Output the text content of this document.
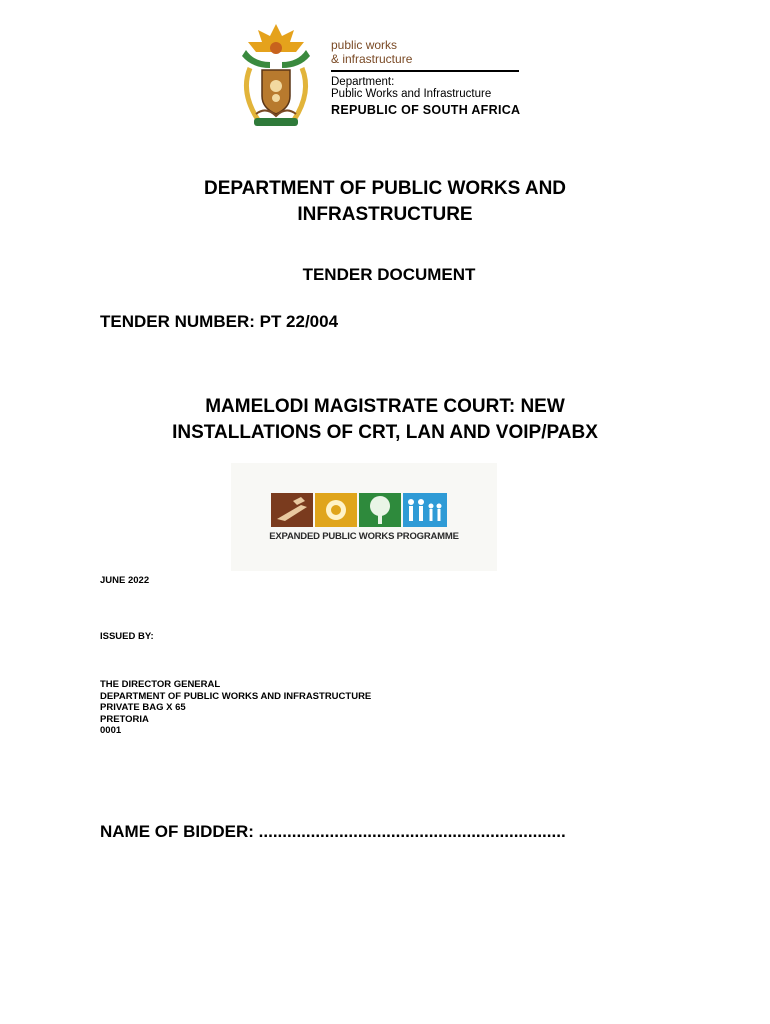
public works
& infrastructure
Department:
Public Works and Infrastructure
REPUBLIC OF SOUTH AFRICA
DEPARTMENT OF PUBLIC WORKS AND
INFRASTRUCTURE
TENDER DOCUMENT
TENDER NUMBER: PT 22/004
MAMELODI MAGISTRATE COURT: NEW
INSTALLATIONS OF CRT, LAN AND VOIP/PABX
EXPANDED PUBLIC WORKS PROGRAMME
JUNE 2022
ISSUED BY:
THE DIRECTOR GENERAL
DEPARTMENT OF PUBLIC WORKS AND INFRASTRUCTURE
PRIVATE BAG X 65
PRETORIA
0001
NAME OF BIDDER: .................................................................
